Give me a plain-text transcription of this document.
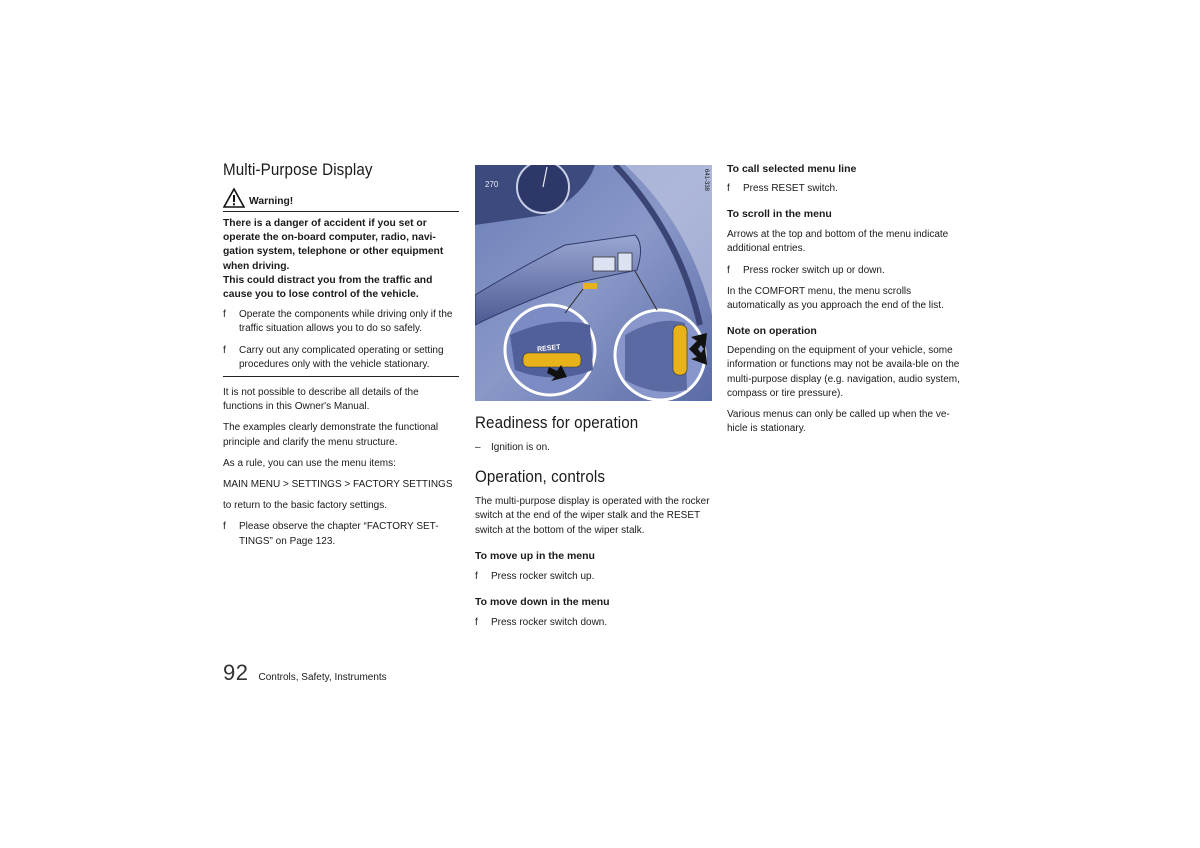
Multi-Purpose Display
Warning!

There is a danger of accident if you set or operate the on-board computer, radio, navi-gation system, telephone or other equipment when driving.

This could distract you from the traffic and cause you to lose control of the vehicle.

f Operate the components while driving only if the traffic situation allows you to do so safely.

f Carry out any complicated operating or setting procedures only with the vehicle stationary.

It is not possible to describe all details of the functions in this Owner's Manual.

The examples clearly demonstrate the functional principle and clarify the menu structure.

As a rule, you can use the menu items:

MAIN MENU > SETTINGS > FACTORY SETTINGS

to return to the basic factory settings.

f Please observe the chapter “FACTORY SET-TINGS” on Page 123.

270
RESET
641-338
Readiness for operation

– Ignition is on.

Operation, controls

The multi-purpose display is operated with the rocker switch at the end of the wiper stalk and the RESET switch at the bottom of the wiper stalk.

To move up in the menu

f Press rocker switch up.

To move down in the menu

f Press rocker switch down.

To call selected menu line

f Press RESET switch.

To scroll in the menu

Arrows at the top and bottom of the menu indicate additional entries.

f Press rocker switch up or down.

In the COMFORT menu, the menu scrolls automatically as you approach the end of the list.

Note on operation

Depending on the equipment of your vehicle, some information or functions may not be availa-ble on the multi-purpose display (e.g. navigation, audio system, compass or tire pressure).

Various menus can only be called up when the ve-hicle is stationary.

92 Controls, Safety, Instruments
